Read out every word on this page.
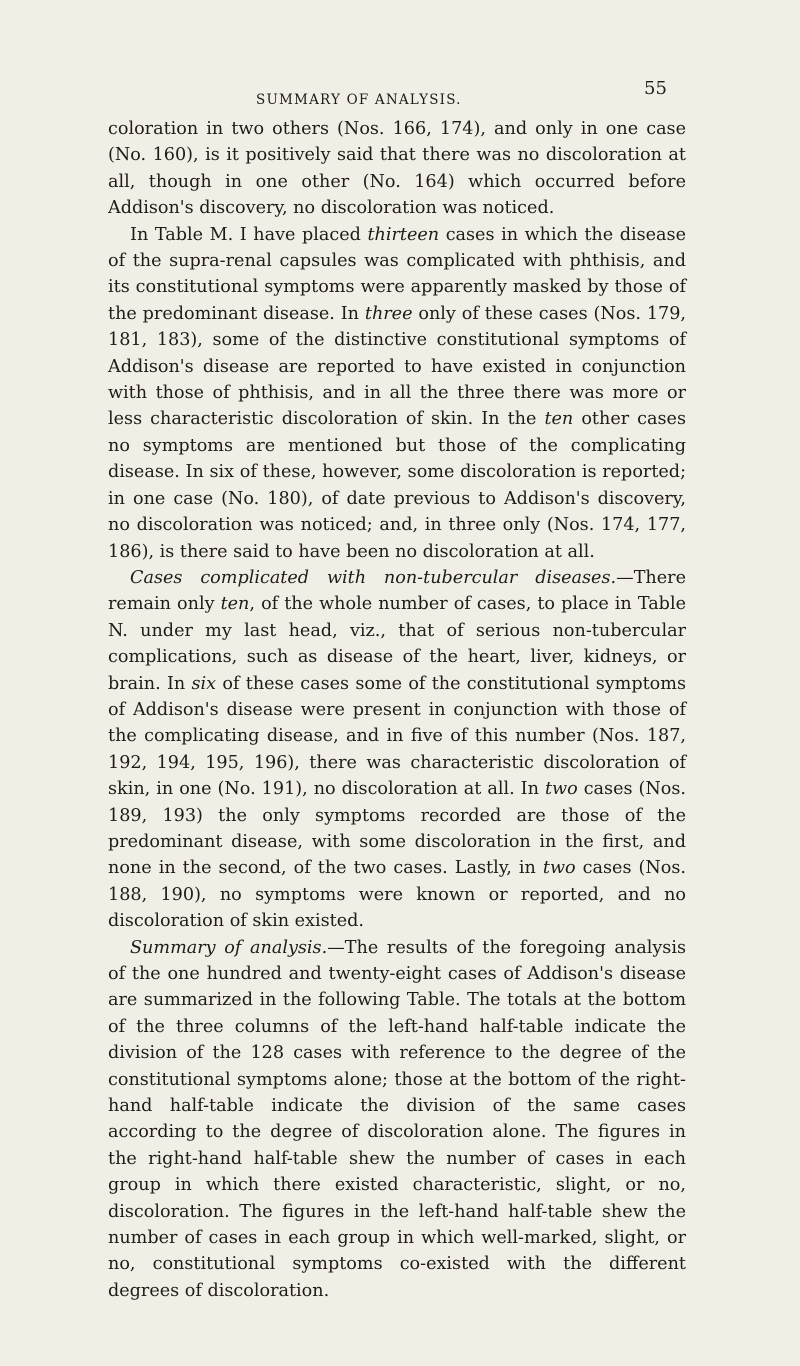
SUMMARY OF ANALYSIS.
55

coloration in two others (Nos. 166, 174), and only in one case (No. 160), is it positively said that there was no discoloration at all, though in one other (No. 164) which occurred before Addison's discovery, no discoloration was noticed.

In Table M. I have placed thirteen cases in which the disease of the supra-renal capsules was complicated with phthisis, and its constitutional symptoms were apparently masked by those of the predominant disease. In three only of these cases (Nos. 179, 181, 183), some of the distinctive constitutional symptoms of Addison's disease are reported to have existed in conjunction with those of phthisis, and in all the three there was more or less characteristic discoloration of skin. In the ten other cases no symptoms are mentioned but those of the complicating disease. In six of these, however, some discoloration is reported; in one case (No. 180), of date previous to Addison's discovery, no discoloration was noticed; and, in three only (Nos. 174, 177, 186), is there said to have been no discoloration at all.

Cases complicated with non-tubercular diseases.—There remain only ten, of the whole number of cases, to place in Table N. under my last head, viz., that of serious non-tubercular complications, such as disease of the heart, liver, kidneys, or brain. In six of these cases some of the constitutional symptoms of Addison's disease were present in conjunction with those of the complicating disease, and in five of this number (Nos. 187, 192, 194, 195, 196), there was characteristic discoloration of skin, in one (No. 191), no discoloration at all. In two cases (Nos. 189, 193) the only symptoms recorded are those of the predominant disease, with some discoloration in the first, and none in the second, of the two cases. Lastly, in two cases (Nos. 188, 190), no symptoms were known or reported, and no discoloration of skin existed.

Summary of analysis.—The results of the foregoing analysis of the one hundred and twenty-eight cases of Addison's disease are summarized in the following Table. The totals at the bottom of the three columns of the left-hand half-table indicate the division of the 128 cases with reference to the degree of the constitutional symptoms alone; those at the bottom of the right-hand half-table indicate the division of the same cases according to the degree of discoloration alone. The figures in the right-hand half-table shew the number of cases in each group in which there existed characteristic, slight, or no, discoloration. The figures in the left-hand half-table shew the number of cases in each group in which well-marked, slight, or no, constitutional symptoms co-existed with the different degrees of discoloration.
